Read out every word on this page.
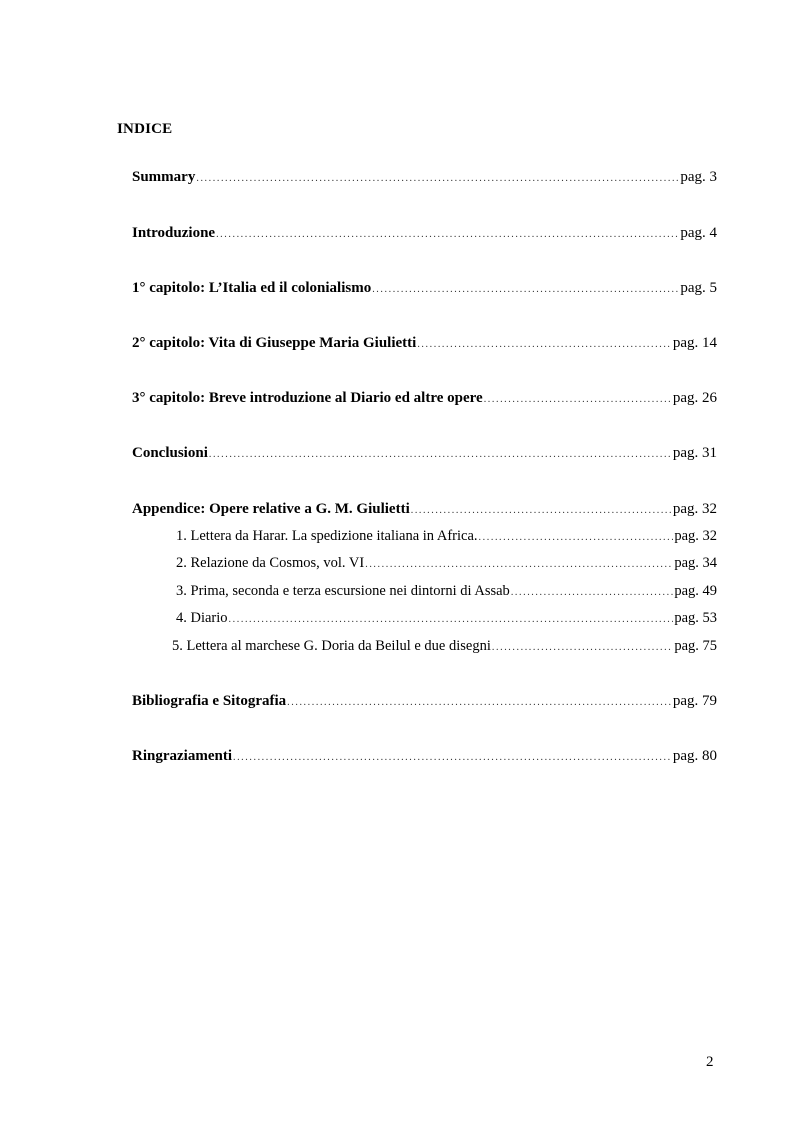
INDICE
Summary .....	pag. 3
Introduzione .....	pag. 4
1° capitolo: L’Italia ed il colonialismo .....	pag. 5
2° capitolo: Vita di Giuseppe Maria Giulietti .....	pag. 14
3° capitolo: Breve introduzione al Diario ed altre opere .....	pag. 26
Conclusioni .....	pag. 31
Appendice: Opere relative a G. M. Giulietti .....	pag. 32
1. Lettera da Harar. La spedizione italiana in Africa. .....	pag. 32
2. Relazione da Cosmos, vol. VI .....	pag. 34
3. Prima, seconda e terza escursione nei dintorni di Assab .....	pag. 49
4. Diario .....	pag. 53
5. Lettera al marchese G. Doria da Beilul e due disegni .....	pag. 75
Bibliografia e Sitografia .....	pag. 79
Ringraziamenti .....	pag. 80
2
